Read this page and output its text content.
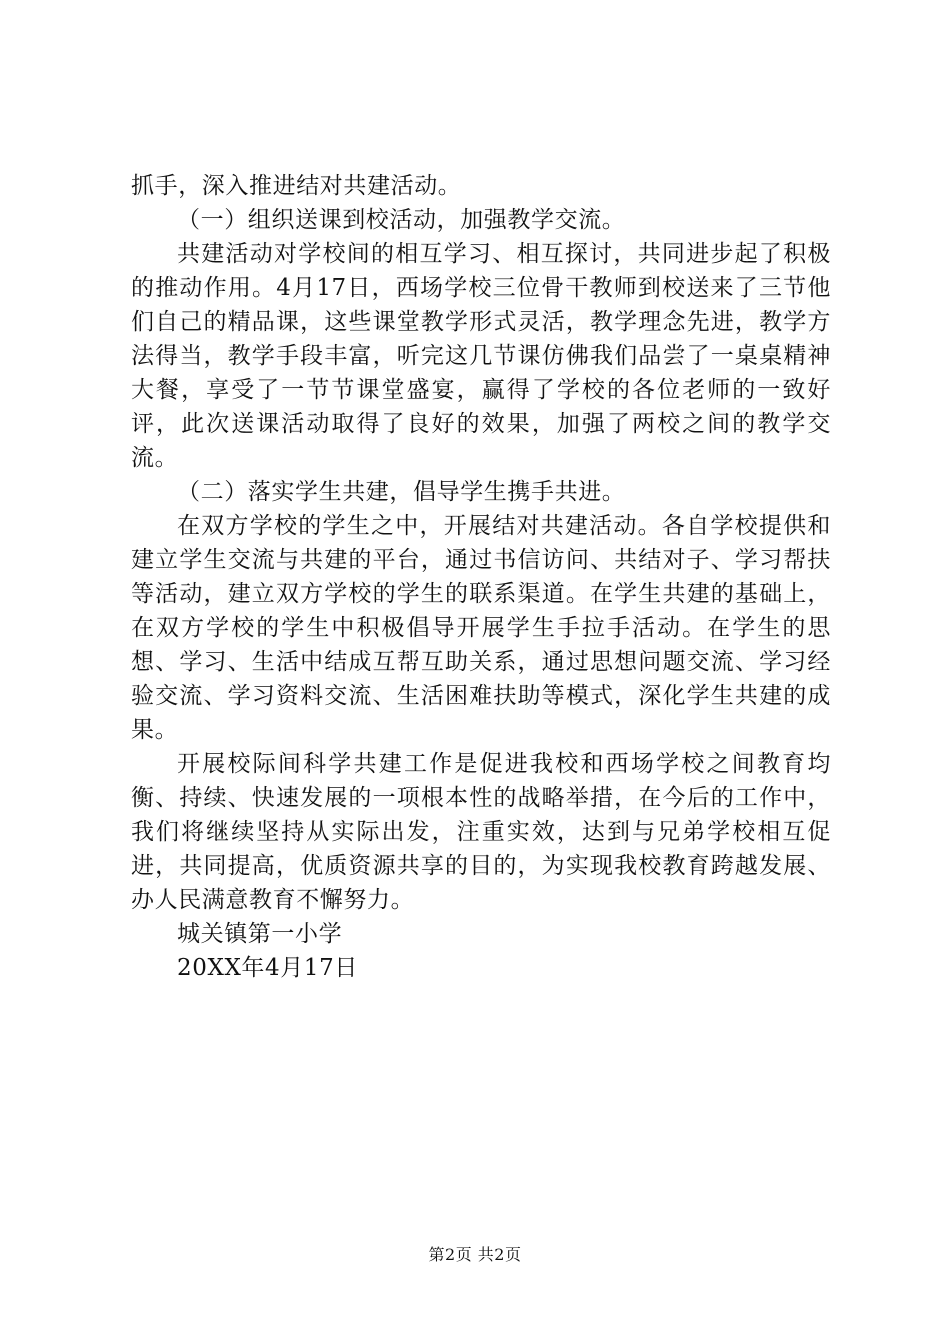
抓手，深入推进结对共建活动。

（一）组织送课到校活动，加强教学交流。

共建活动对学校间的相互学习、相互探讨，共同进步起了积极的推动作用。4月17日，西场学校三位骨干教师到校送来了三节他们自己的精品课，这些课堂教学形式灵活，教学理念先进，教学方法得当，教学手段丰富，听完这几节课仿佛我们品尝了一桌桌精神大餐，享受了一节节课堂盛宴，赢得了学校的各位老师的一致好评，此次送课活动取得了良好的效果，加强了两校之间的教学交流。

（二）落实学生共建，倡导学生携手共进。

在双方学校的学生之中，开展结对共建活动。各自学校提供和建立学生交流与共建的平台，通过书信访问、共结对子、学习帮扶等活动，建立双方学校的学生的联系渠道。在学生共建的基础上，在双方学校的学生中积极倡导开展学生手拉手活动。在学生的思想、学习、生活中结成互帮互助关系，通过思想问题交流、学习经验交流、学习资料交流、生活困难扶助等模式，深化学生共建的成果。

开展校际间科学共建工作是促进我校和西场学校之间教育均衡、持续、快速发展的一项根本性的战略举措，在今后的工作中，我们将继续坚持从实际出发，注重实效，达到与兄弟学校相互促进，共同提高，优质资源共享的目的，为实现我校教育跨越发展、办人民满意教育不懈努力。

城关镇第一小学

20XX年4月17日

第2页 共2页
